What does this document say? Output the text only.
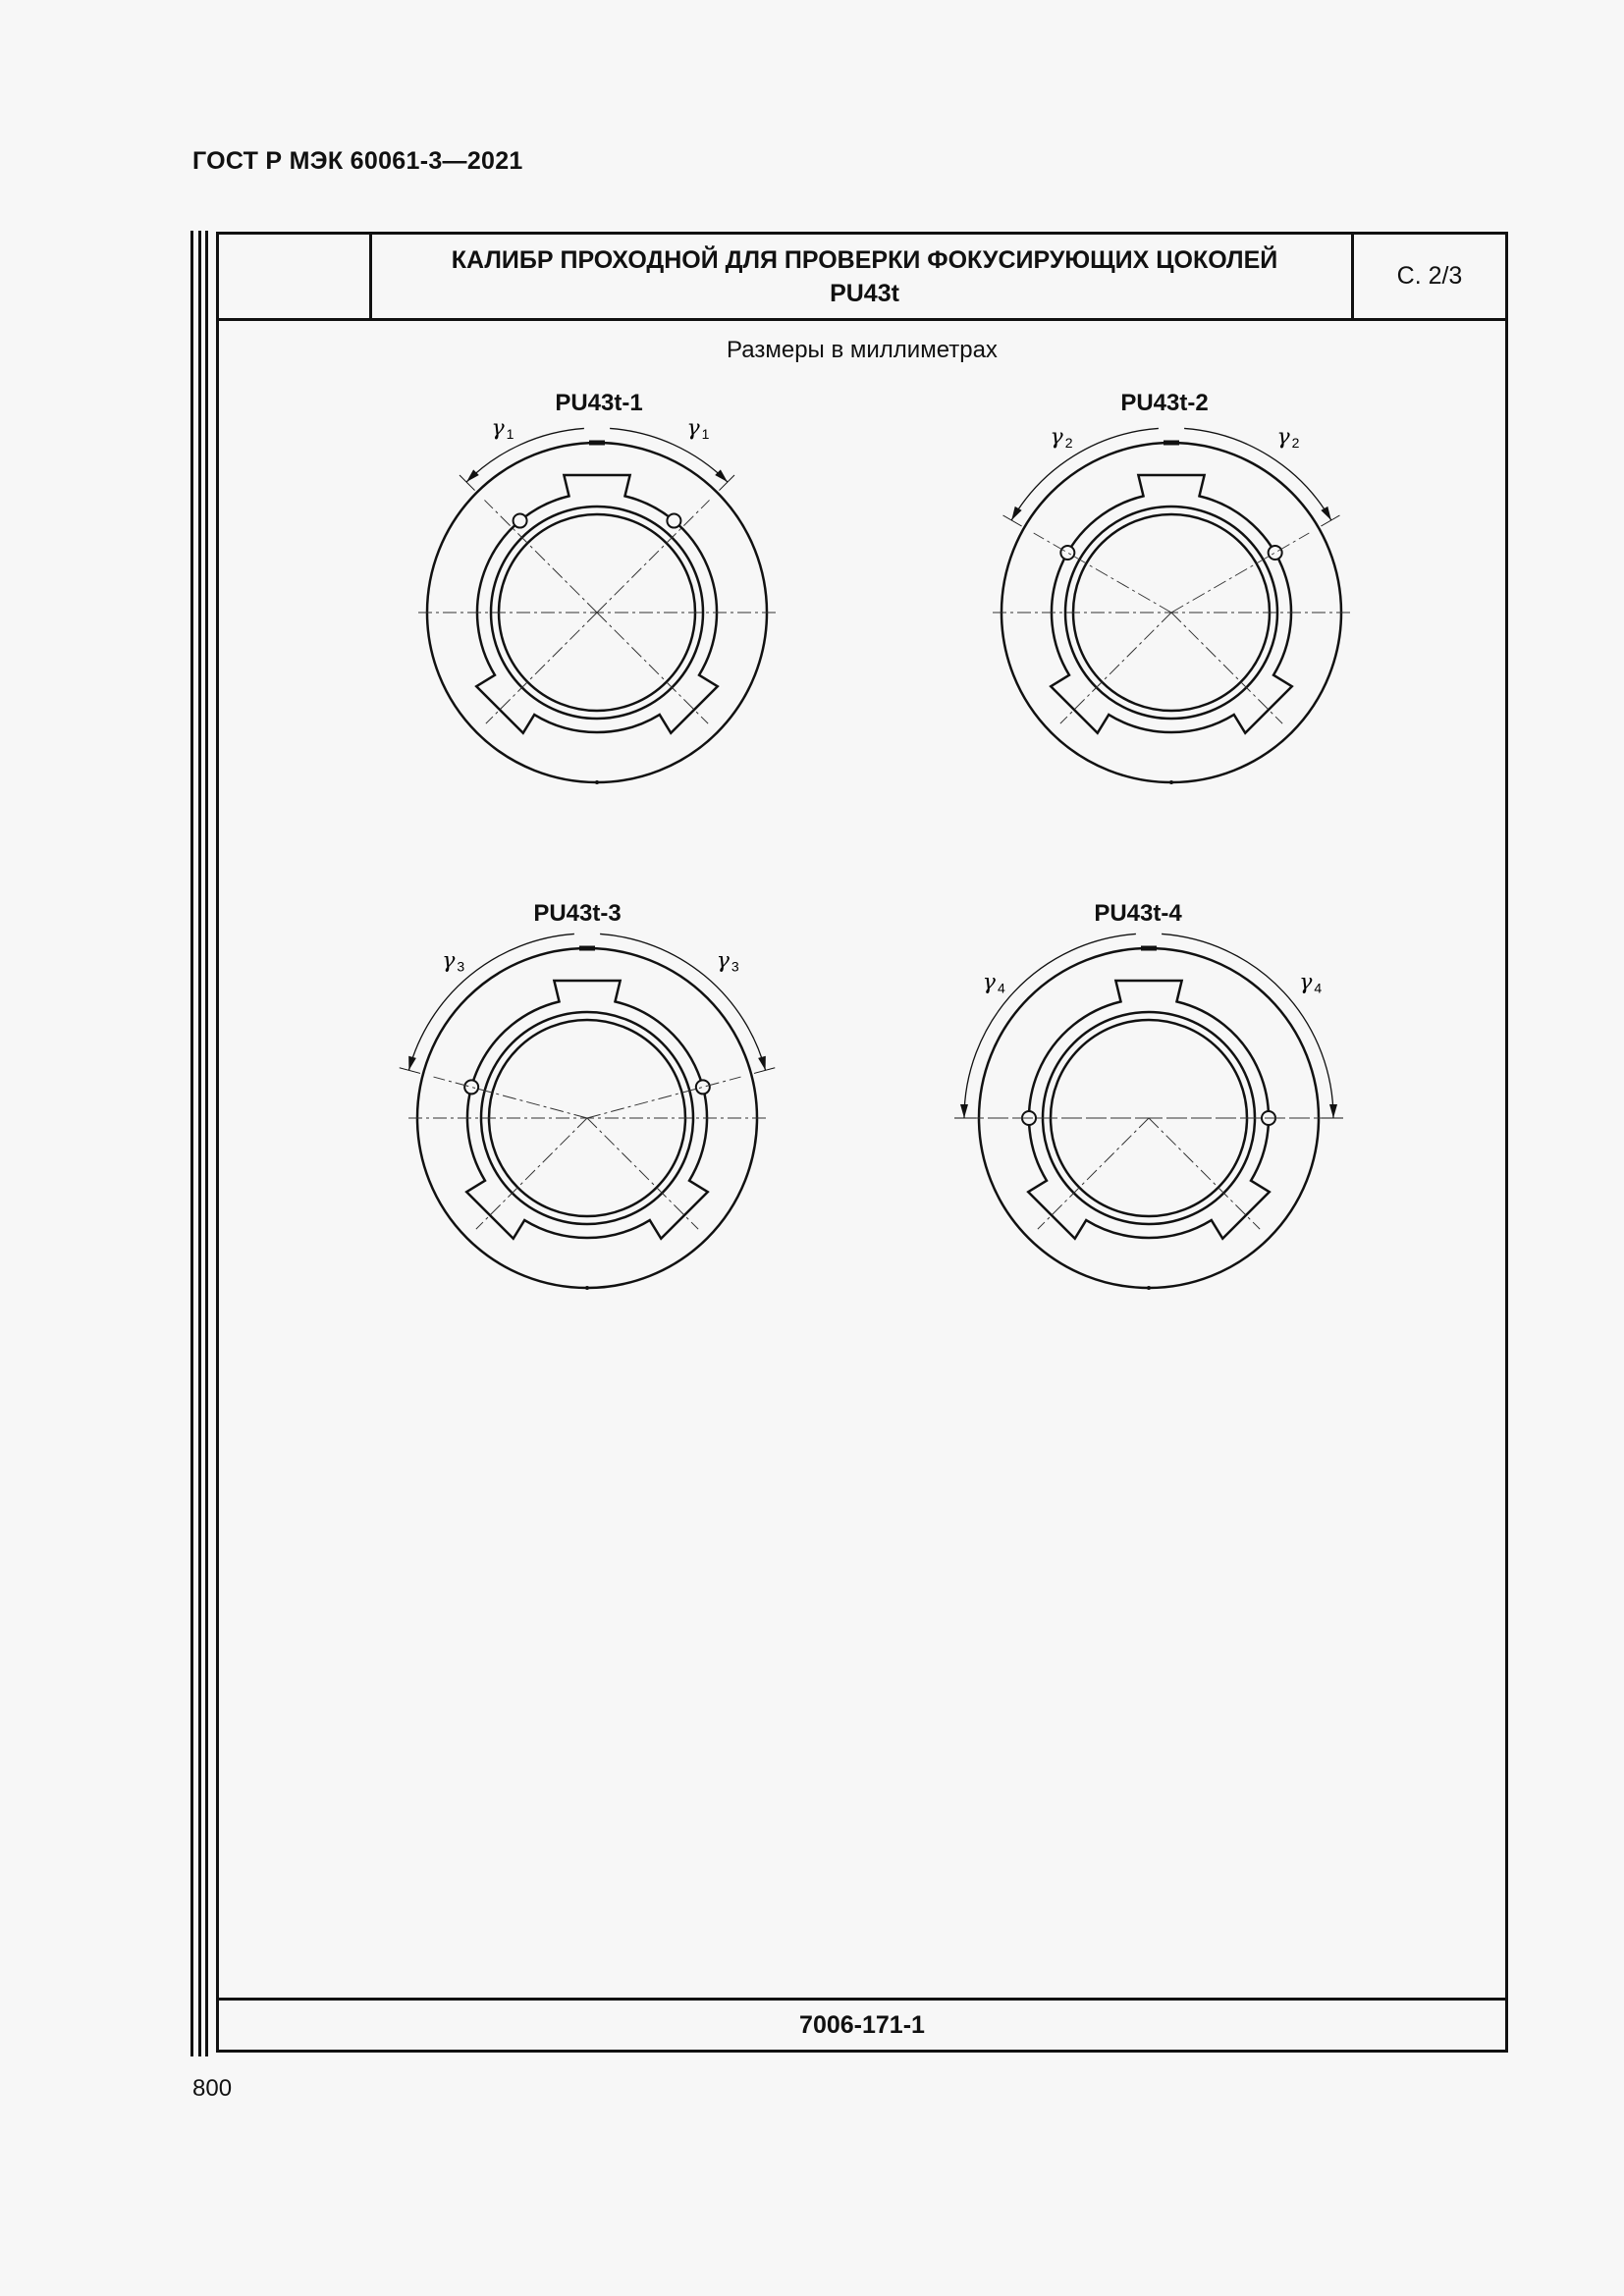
ГОСТ Р МЭК 60061-3—2021
КАЛИБР ПРОХОДНОЙ ДЛЯ ПРОВЕРКИ ФОКУСИРУЮЩИХ ЦОКОЛЕЙ
PU43t
С. 2/3
Размеры в миллиметрах
PU43t-1	PU43t-2
PU43t-3	PU43t-4
γ 1	γ 1	γ 2	γ 2
γ 3	γ 3
γ 4	γ 4
7006-171-1
800
